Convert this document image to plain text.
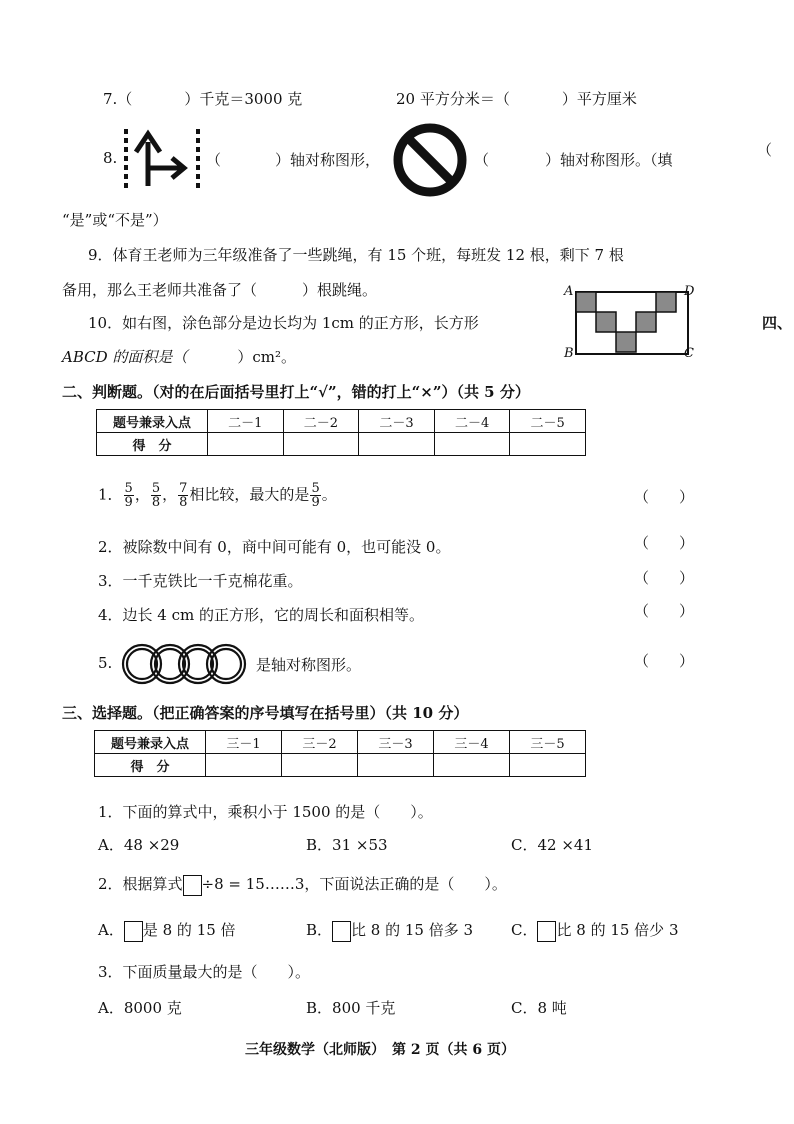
7.（	）千克＝3000 克	20 平方分米＝（	）平方厘米
8.	（	）轴对称图形，	（	）轴对称图形。（填
“是”或“不是”）
（
四、
9．体育王老师为三年级准备了一些跳绳，有 15 个班，每班发 12 根，剩下 7 根
备用，那么王老师共准备了（　　　）根跳绳。
10．如右图，涂色部分是边长均为 1cm 的正方形，长方形
ABCD 的面积是（	）cm²。
A	D
B	C
二、判断题。（对的在后面括号里打上“√”，错的打上“×”）（共 5 分）
题号兼录入点	二－1	二－2	二－3	二－4	二－5
得　分					
1． $\frac{5}{9}$ ， $\frac{5}{8}$ ， $\frac{7}{8}$ 相比较，最大的是 $\frac{5}{9}$ 。	（　　）
2．被除数中间有 0，商中间可能有 0，也可能没 0。	（　　）
3．一千克铁比一千克棉花重。	（　　）
4．边长 4 cm 的正方形，它的周长和面积相等。	（　　）
5.	是轴对称图形。	（　　）
三、选择题。（把正确答案的序号填写在括号里）（共 10 分）
题号兼录入点	三－1	三－2	三－3	三－4	三－5
得　分					
1．下面的算式中，乘积小于 1500 的是（　　）。
A．48 ×29	B．31 ×53	C．42 ×41
2．根据算式 ÷8 = 15……3，下面说法正确的是（　　）。
A． 是 8 的 15 倍	B． 比 8 的 15 倍多 3	C． 比 8 的 15 倍少 3
3．下面质量最大的是（　　）。
A．8000 克	B．800 千克	C．8 吨
三年级数学（北师版）　第 2 页（共 6 页）
